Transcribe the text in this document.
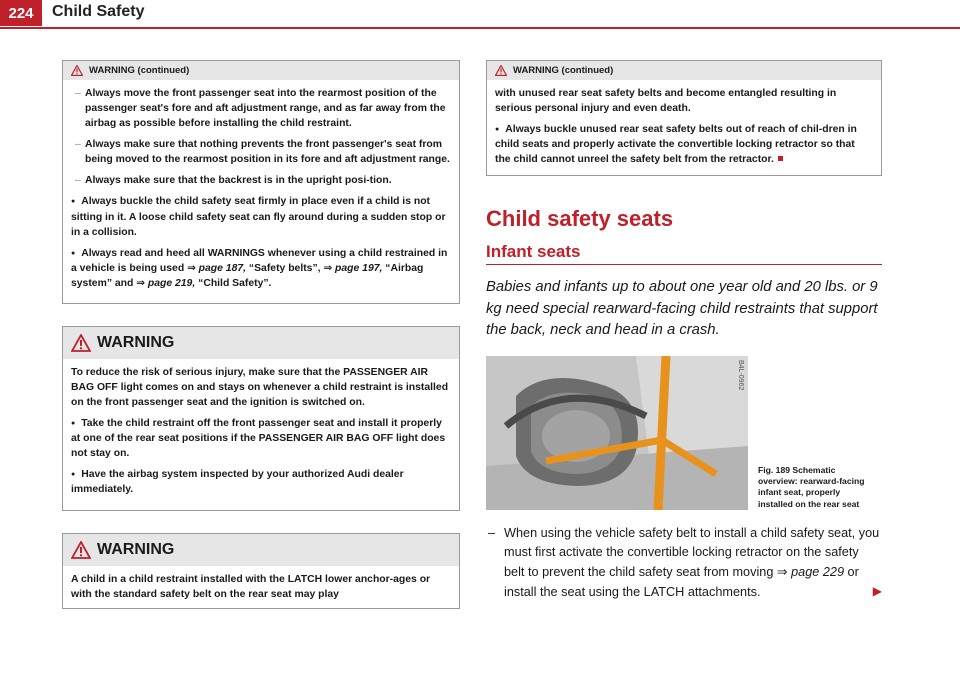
224	Child Safety
WARNING (continued)

– Always move the front passenger seat into the rearmost position of the passenger seat's fore and aft adjustment range, and as far away from the airbag as possible before installing the child restraint.

– Always make sure that nothing prevents the front passenger's seat from being moved to the rearmost position in its fore and aft adjustment range.

– Always make sure that the backrest is in the upright posi-tion.

● Always buckle the child safety seat firmly in place even if a child is not sitting in it. A loose child safety seat can fly around during a sudden stop or in a collision.

● Always read and heed all WARNINGS whenever using a child restrained in a vehicle is being used ⇒ page 187, “Safety belts”, ⇒ page 197, “Airbag system” and ⇒ page 219, “Child Safety”.

WARNING

To reduce the risk of serious injury, make sure that the PASSENGER AIR BAG OFF light comes on and stays on whenever a child restraint is installed on the front passenger seat and the ignition is switched on.

● Take the child restraint off the front passenger seat and install it properly at one of the rear seat positions if the PASSENGER AIR BAG OFF light does not stay on.

● Have the airbag system inspected by your authorized Audi dealer immediately.

WARNING

A child in a child restraint installed with the LATCH lower anchor-ages or with the standard safety belt on the rear seat may play

WARNING (continued)

with unused rear seat safety belts and become entangled resulting in serious personal injury and even death.

● Always buckle unused rear seat safety belts out of reach of chil-dren in child seats and properly activate the convertible locking retractor so that the child cannot unreel the safety belt from the retractor.

Child safety seats
Infant seats

Babies and infants up to about one year old and 20 lbs. or 9 kg need special rearward-facing child restraints that support the back, neck and head in a crash.

B4L-0962
Fig. 189 Schematic overview: rearward-facing infant seat, properly installed on the rear seat
– When using the vehicle safety belt to install a child safety seat, you must first activate the convertible locking retractor on the safety belt to prevent the child safety seat from moving ⇒ page 229 or install the seat using the LATCH attachments.	▶
